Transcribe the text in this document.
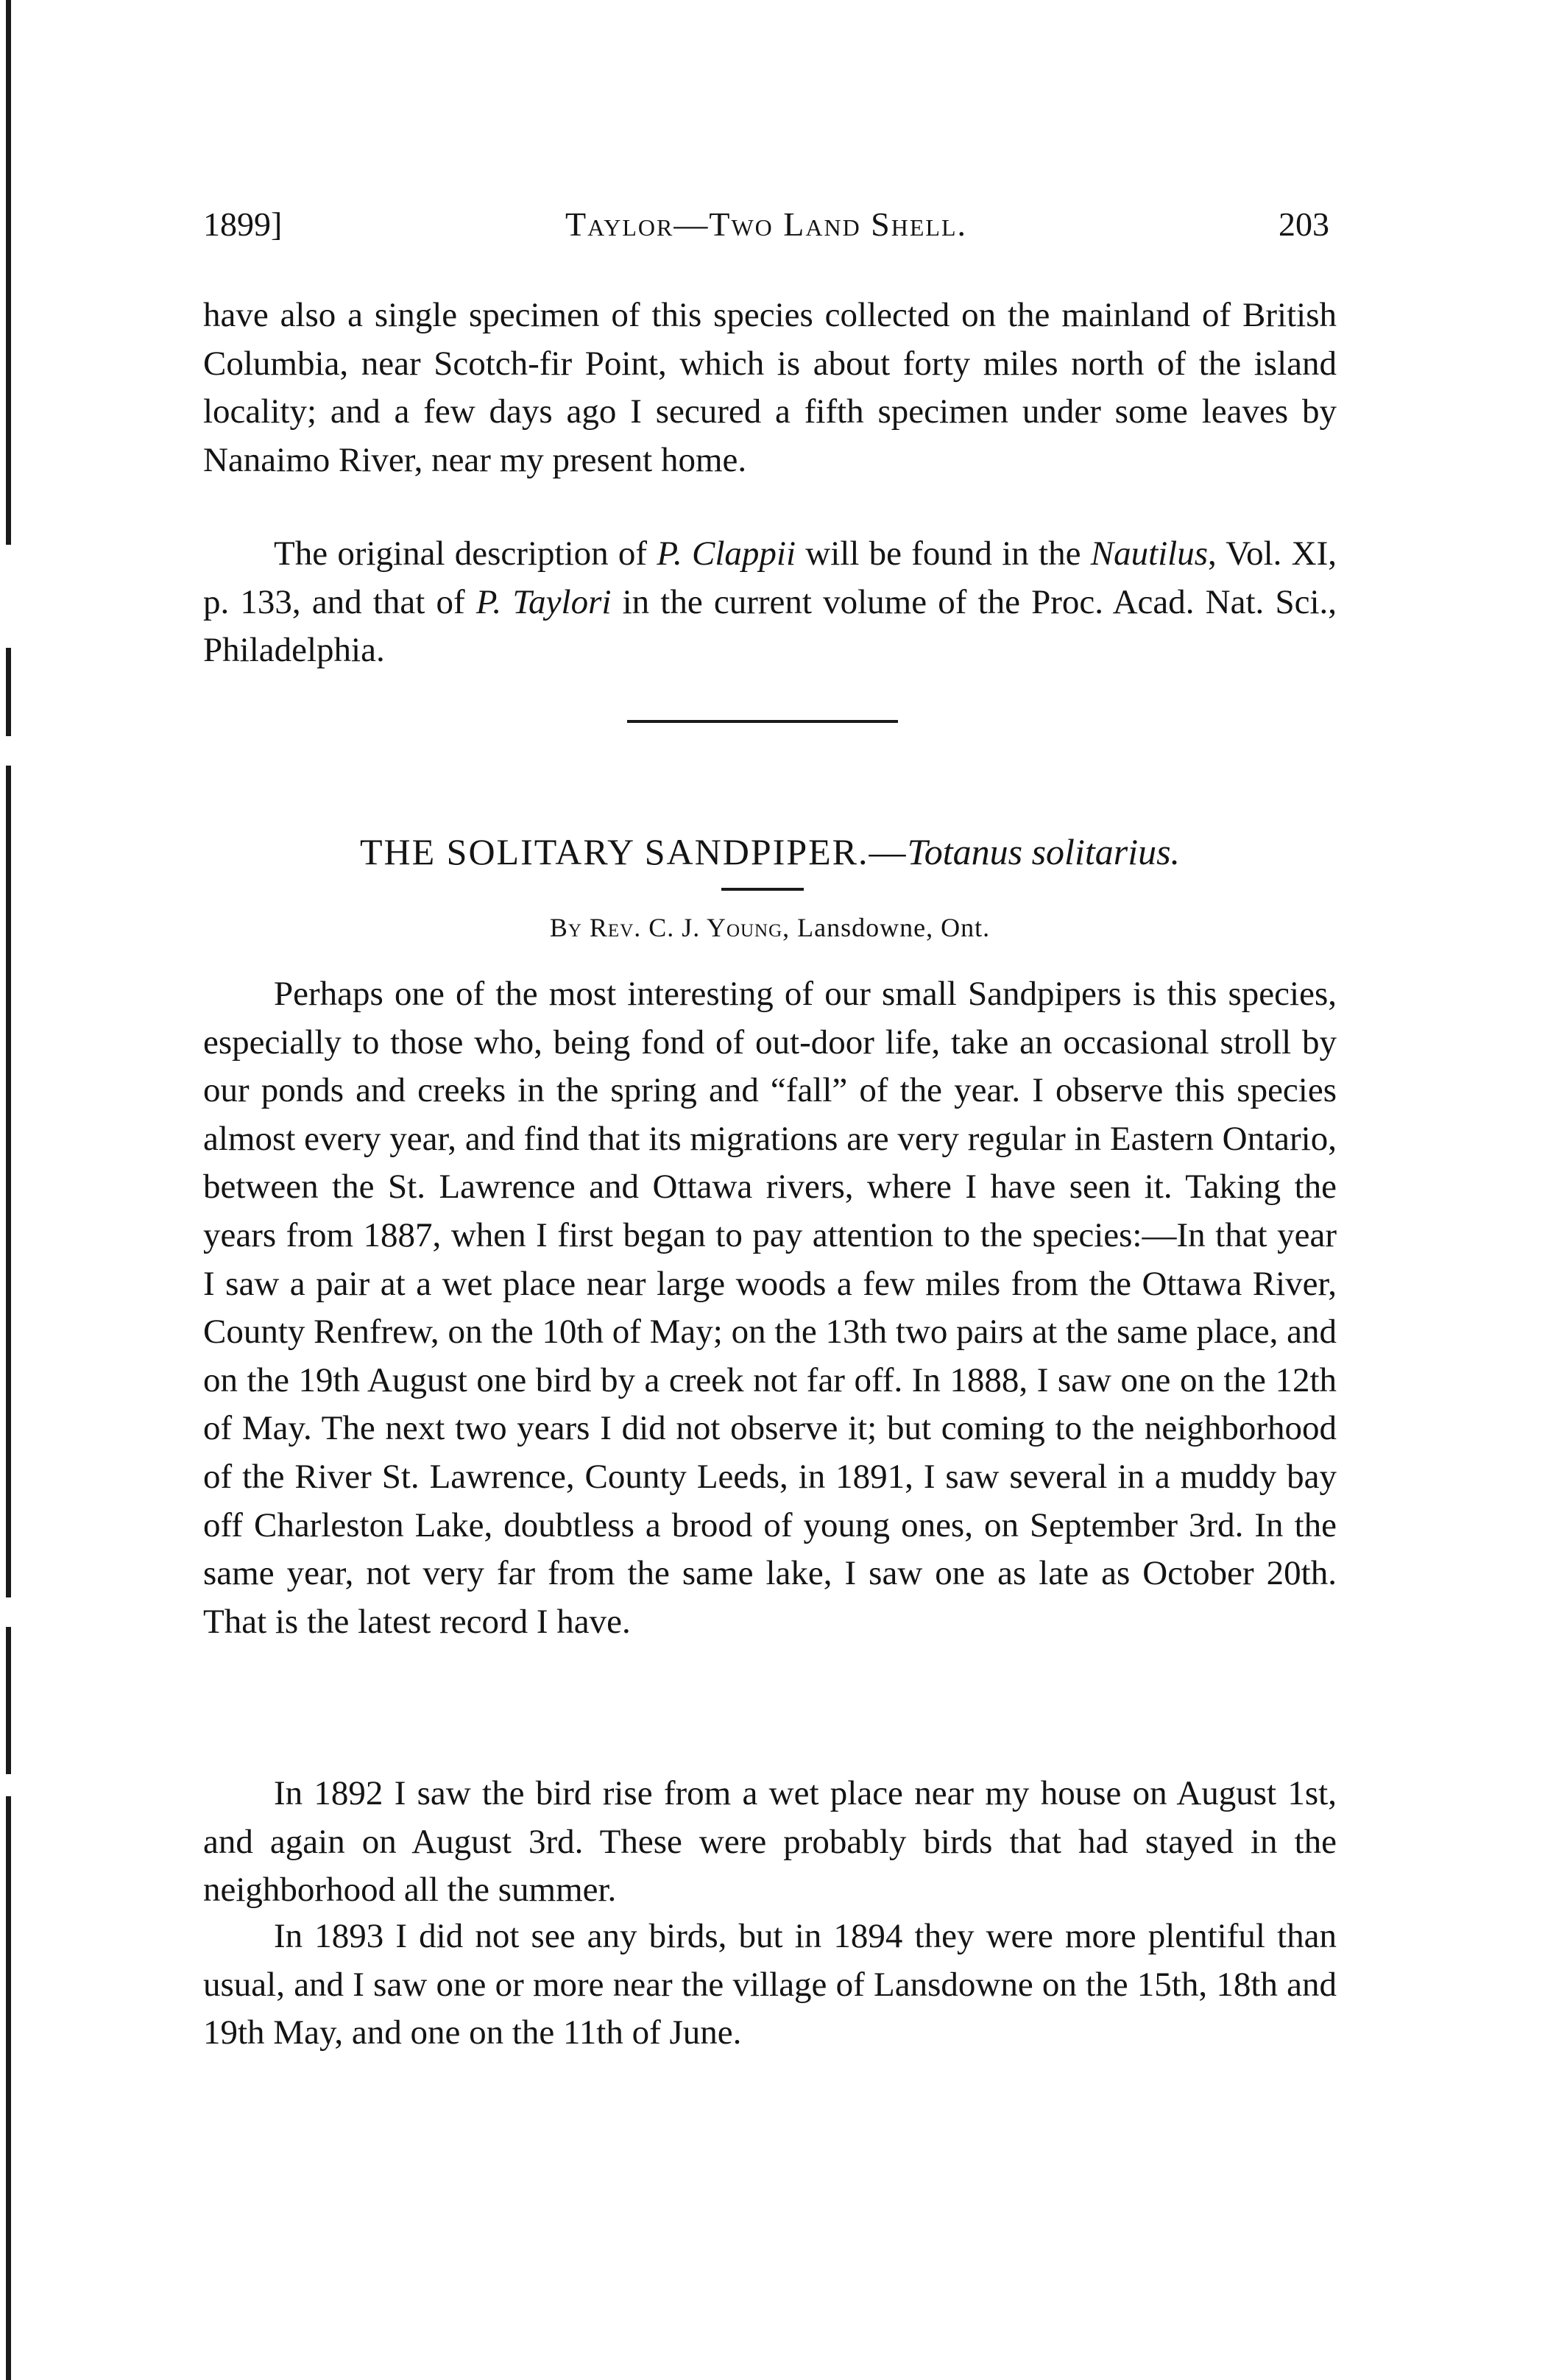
1899]	Taylor—Two Land Shell.	203

have also a single specimen of this species collected on the mainland of British Columbia, near Scotch-fir Point, which is about forty miles north of the island locality; and a few days ago I secured a fifth specimen under some leaves by Nanaimo River, near my present home.

The original description of P. Clappii will be found in the Nautilus, Vol. XI, p. 133, and that of P. Taylori in the current volume of the Proc. Acad. Nat. Sci., Philadelphia.

THE SOLITARY SANDPIPER.—Totanus solitarius.
By Rev. C. J. Young, Lansdowne, Ont.

Perhaps one of the most interesting of our small Sandpipers is this species, especially to those who, being fond of out-door life, take an occasional stroll by our ponds and creeks in the spring and “fall” of the year. I observe this species almost every year, and find that its migrations are very regular in Eastern Ontario, between the St. Lawrence and Ottawa rivers, where I have seen it. Taking the years from 1887, when I first began to pay attention to the species:—In that year I saw a pair at a wet place near large woods a few miles from the Ottawa River, County Renfrew, on the 10th of May; on the 13th two pairs at the same place, and on the 19th August one bird by a creek not far off. In 1888, I saw one on the 12th of May. The next two years I did not observe it; but coming to the neighborhood of the River St. Lawrence, County Leeds, in 1891, I saw several in a muddy bay off Charleston Lake, doubtless a brood of young ones, on September 3rd. In the same year, not very far from the same lake, I saw one as late as October 20th. That is the latest record I have.

In 1892 I saw the bird rise from a wet place near my house on August 1st, and again on August 3rd. These were probably birds that had stayed in the neighborhood all the summer.

In 1893 I did not see any birds, but in 1894 they were more plentiful than usual, and I saw one or more near the village of Lansdowne on the 15th, 18th and 19th May, and one on the 11th of June.
